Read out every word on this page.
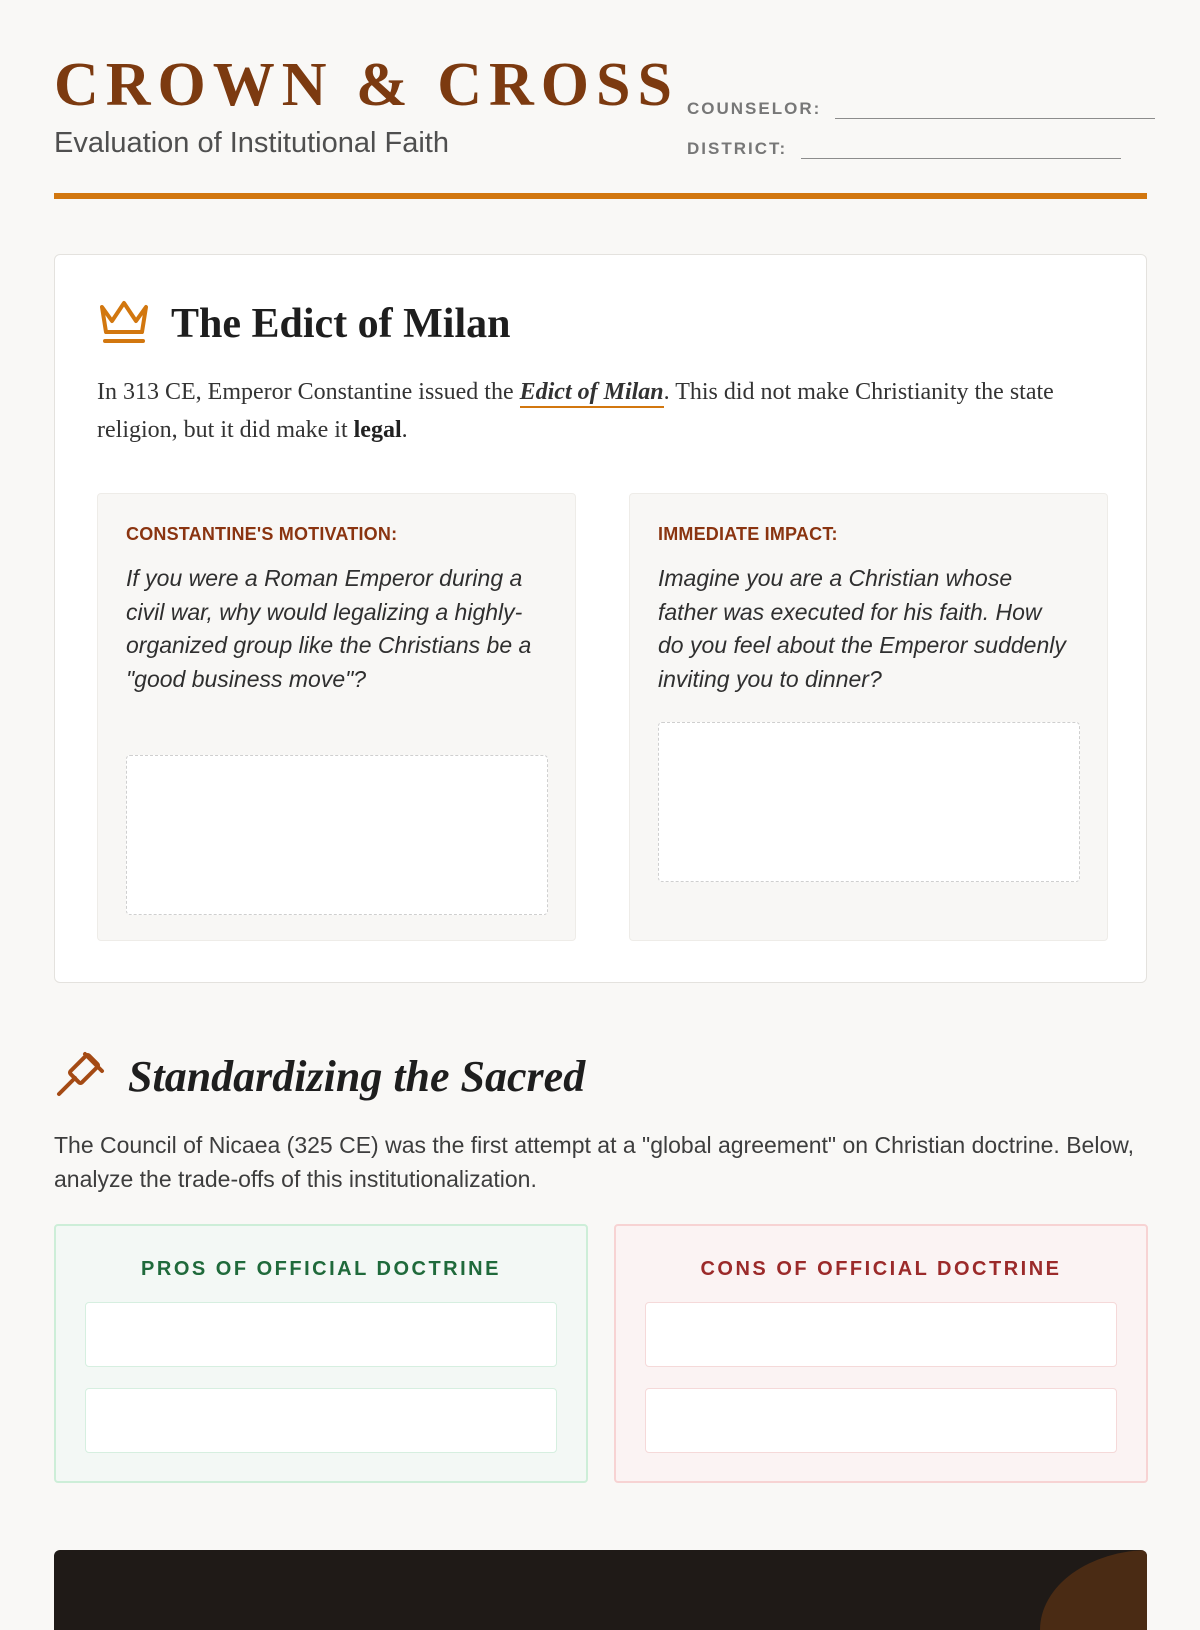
CROWN & CROSS
Evaluation of Institutional Faith
COUNSELOR:
DISTRICT:
The Edict of Milan
In 313 CE, Emperor Constantine issued the Edict of Milan. This did not make Christianity the state religion, but it did make it legal.
CONSTANTINE'S MOTIVATION:
If you were a Roman Emperor during a civil war, why would legalizing a highly-organized group like the Christians be a "good business move"?
IMMEDIATE IMPACT:
Imagine you are a Christian whose father was executed for his faith. How do you feel about the Emperor suddenly inviting you to dinner?
Standardizing the Sacred
The Council of Nicaea (325 CE) was the first attempt at a "global agreement" on Christian doctrine. Below, analyze the trade-offs of this institutionalization.
PROS OF OFFICIAL DOCTRINE	CONS OF OFFICIAL DOCTRINE
